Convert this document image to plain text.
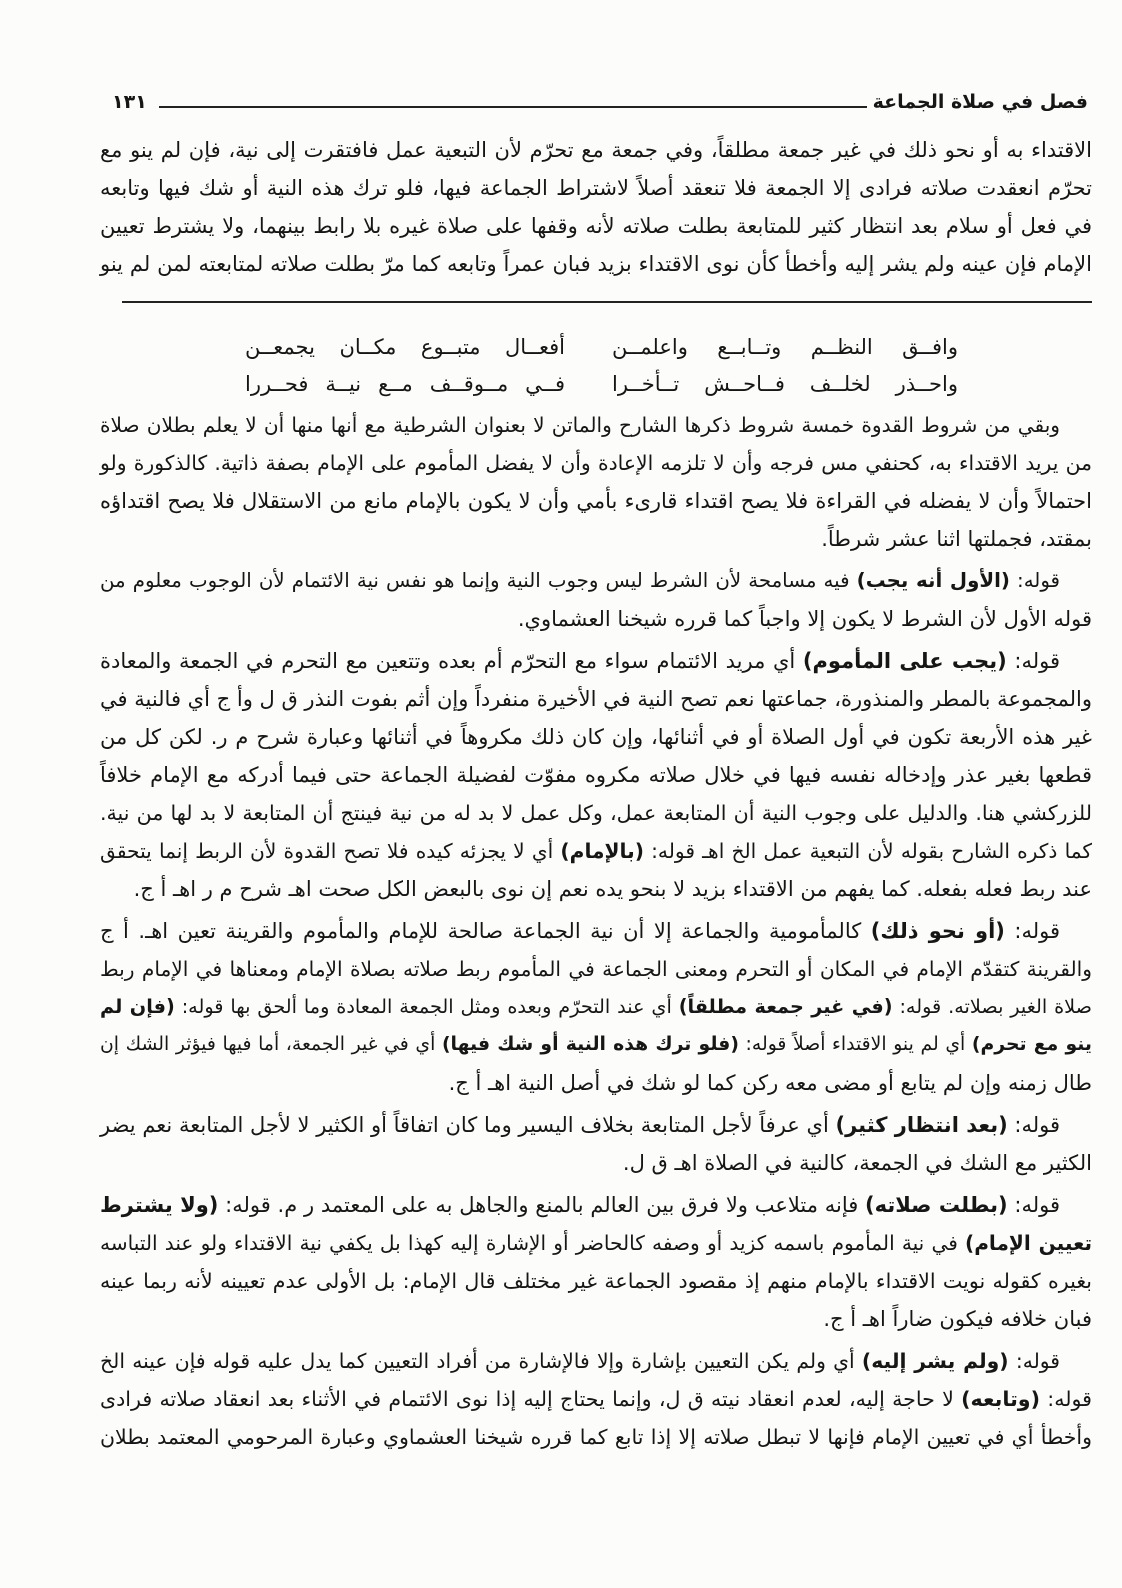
فصل في صلاة الجماعة
١٣١
الاقتداء به أو نحو ذلك في غير جمعة مطلقاً، وفي جمعة مع تحرّم لأن التبعية عمل فافتقرت إلى نية، فإن لم ينو مع
تحرّم انعقدت صلاته فرادى إلا الجمعة فلا تنعقد أصلاً لاشتراط الجماعة فيها، فلو ترك هذه النية أو شك فيها وتابعه
في فعل أو سلام بعد انتظار كثير للمتابعة بطلت صلاته لأنه وقفها على صلاة غيره بلا رابط بينهما، ولا يشترط تعيين
الإمام فإن عينه ولم يشر إليه وأخطأ كأن نوى الاقتداء بزيد فبان عمراً وتابعه كما مرّ بطلت صلاته لمتابعته لمن لم ينو
وافــق النظــم وتــابــع واعلمــن
أفعــال متبــوع مكــان يجمعــن
واحــذر لخلــف فــاحــش تــأخــرا
فــي مــوقــف مــع نيــة فحــررا
وبقي من شروط القدوة خمسة شروط ذكرها الشارح والماتن لا بعنوان الشرطية مع أنها منها أن لا يعلم بطلان صلاة
من يريد الاقتداء به، كحنفي مس فرجه وأن لا تلزمه الإعادة وأن لا يفضل المأموم على الإمام بصفة ذاتية. كالذكورة ولو
احتمالاً وأن لا يفضله في القراءة فلا يصح اقتداء قارىء بأمي وأن لا يكون بالإمام مانع من الاستقلال فلا يصح اقتداؤه
بمقتد، فجملتها اثنا عشر شرطاً.
قوله: (الأول أنه يجب) فيه مسامحة لأن الشرط ليس وجوب النية وإنما هو نفس نية الائتمام لأن الوجوب معلوم من
قوله الأول لأن الشرط لا يكون إلا واجباً كما قرره شيخنا العشماوي.
قوله: (يجب على المأموم) أي مريد الائتمام سواء مع التحرّم أم بعده وتتعين مع التحرم في الجمعة والمعادة
والمجموعة بالمطر والمنذورة، جماعتها نعم تصح النية في الأخيرة منفرداً وإن أثم بفوت النذر ق ل وأ ج أي فالنية في
غير هذه الأربعة تكون في أول الصلاة أو في أثنائها، وإن كان ذلك مكروهاً في أثنائها وعبارة شرح م ر. لكن كل من
قطعها بغير عذر وإدخاله نفسه فيها في خلال صلاته مكروه مفوّت لفضيلة الجماعة حتى فيما أدركه مع الإمام خلافاً
للزركشي هنا. والدليل على وجوب النية أن المتابعة عمل، وكل عمل لا بد له من نية فينتج أن المتابعة لا بد لها من نية.
كما ذكره الشارح بقوله لأن التبعية عمل الخ اهـ قوله: (بالإمام) أي لا يجزئه كيده فلا تصح القدوة لأن الربط إنما يتحقق
عند ربط فعله بفعله. كما يفهم من الاقتداء بزيد لا بنحو يده نعم إن نوى بالبعض الكل صحت اهـ شرح م ر اهـ أ ج.
قوله: (أو نحو ذلك) كالمأمومية والجماعة إلا أن نية الجماعة صالحة للإمام والمأموم والقرينة تعين اهـ. أ ج
والقرينة كتقدّم الإمام في المكان أو التحرم ومعنى الجماعة في المأموم ربط صلاته بصلاة الإمام ومعناها في الإمام ربط
صلاة الغير بصلاته. قوله: (في غير جمعة مطلقاً) أي عند التحرّم وبعده ومثل الجمعة المعادة وما ألحق بها قوله: (فإن لم
ينو مع تحرم) أي لم ينو الاقتداء أصلاً قوله: (فلو ترك هذه النية أو شك فيها) أي في غير الجمعة، أما فيها فيؤثر الشك إن
طال زمنه وإن لم يتابع أو مضى معه ركن كما لو شك في أصل النية اهـ أ ج.
قوله: (بعد انتظار كثير) أي عرفاً لأجل المتابعة بخلاف اليسير وما كان اتفاقاً أو الكثير لا لأجل المتابعة نعم يضر
الكثير مع الشك في الجمعة، كالنية في الصلاة اهـ ق ل.
قوله: (بطلت صلاته) فإنه متلاعب ولا فرق بين العالم بالمنع والجاهل به على المعتمد ر م. قوله: (ولا يشترط
تعيين الإمام) في نية المأموم باسمه كزيد أو وصفه كالحاضر أو الإشارة إليه كهذا بل يكفي نية الاقتداء ولو عند التباسه
بغيره كقوله نويت الاقتداء بالإمام منهم إذ مقصود الجماعة غير مختلف قال الإمام: بل الأولى عدم تعيينه لأنه ربما عينه
فبان خلافه فيكون ضاراً اهـ أ ج.
قوله: (ولم يشر إليه) أي ولم يكن التعيين بإشارة وإلا فالإشارة من أفراد التعيين كما يدل عليه قوله فإن عينه الخ
قوله: (وتابعه) لا حاجة إليه، لعدم انعقاد نيته ق ل، وإنما يحتاج إليه إذا نوى الائتمام في الأثناء بعد انعقاد صلاته فرادى
وأخطأ أي في تعيين الإمام فإنها لا تبطل صلاته إلا إذا تابع كما قرره شيخنا العشماوي وعبارة المرحومي المعتمد بطلان
